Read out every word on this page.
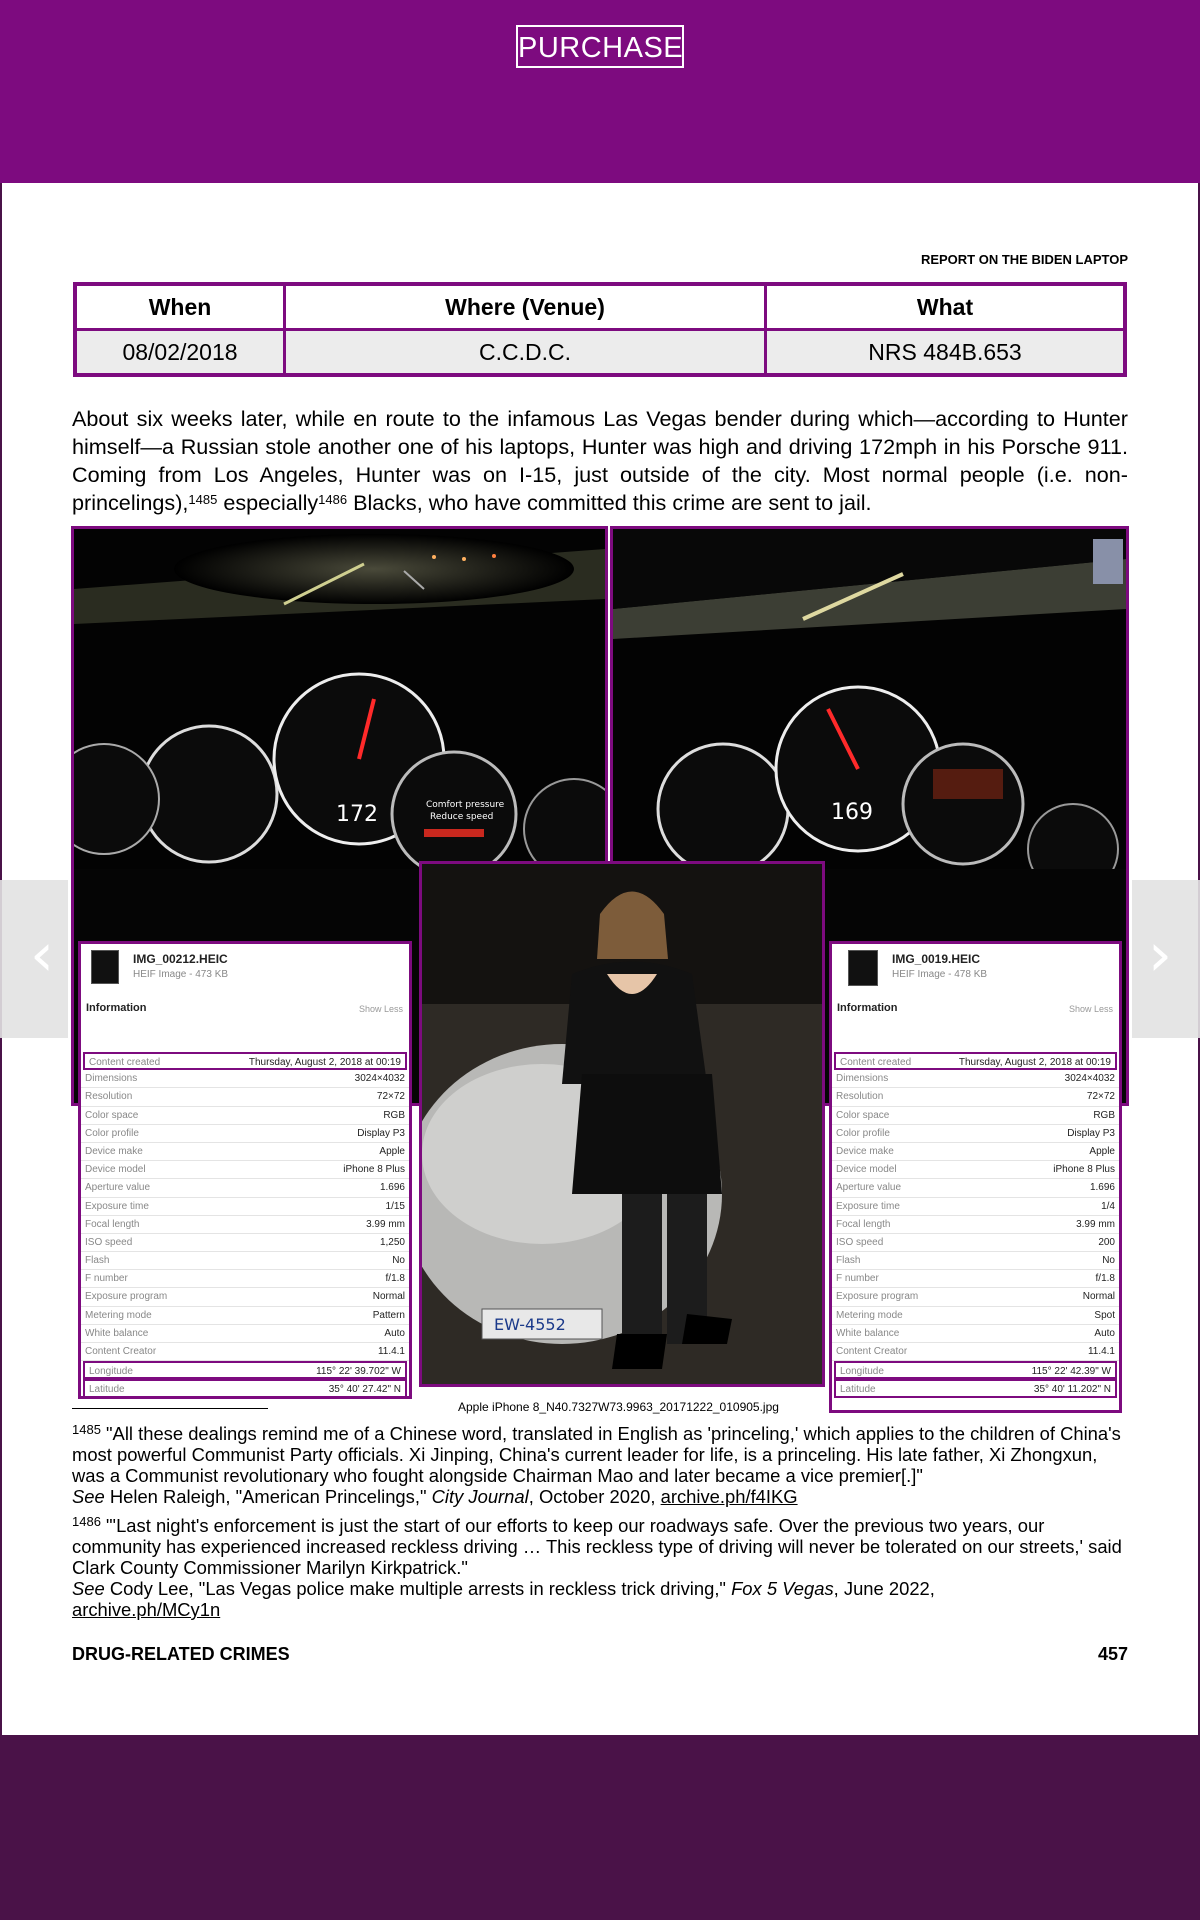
PURCHASE
REPORT ON THE BIDEN LAPTOP
When	Where (Venue)	What
08/02/2018	C.C.D.C.	NRS 484B.653
About six weeks later, while en route to the infamous Las Vegas bender during which—according to Hunter himself—a Russian stole another one of his laptops, Hunter was high and driving 172mph in his Porsche 911. Coming from Los Angeles, Hunter was on I-15, just outside of the city. Most normal people (i.e. non-princelings),$^{1485}$ especially$^{1486}$ Blacks, who have committed this crime are sent to jail.
172	Comfort pressure
Reduce speed	169
‹	›
EW-4552
IMG_00212.HEIC
HEIF Image - 473 KB
Information	Show Less
Content created	Thursday, August 2, 2018 at 00:19
Dimensions	3024×4032
Resolution	72×72
Color space	RGB
Color profile	Display P3
Device make	Apple
Device model	iPhone 8 Plus
Aperture value	1.696
Exposure time	1/15
Focal length	3.99 mm
ISO speed	1,250
Flash	No
F number	f/1.8
Exposure program	Normal
Metering mode	Pattern
White balance	Auto
Content Creator	11.4.1
Longitude	115° 22' 39.702" W
Latitude	35° 40' 27.42" N
IMG_0019.HEIC
HEIF Image - 478 KB
Information	Show Less
Content created	Thursday, August 2, 2018 at 00:19
Dimensions	3024×4032
Resolution	72×72
Color space	RGB
Color profile	Display P3
Device make	Apple
Device model	iPhone 8 Plus
Aperture value	1.696
Exposure time	1/4
Focal length	3.99 mm
ISO speed	200
Flash	No
F number	f/1.8
Exposure program	Normal
Metering mode	Spot
White balance	Auto
Content Creator	11.4.1
Longitude	115° 22' 42.39" W
Latitude	35° 40' 11.202" N
Apple iPhone 8_N40.7327W73.9963_20171222_010905.jpg
$^{1485}$ "All these dealings remind me of a Chinese word, translated in English as 'princeling,' which applies to the children of China's most powerful Communist Party officials. Xi Jinping, China's current leader for life, is a princeling. His late father, Xi Zhongxun, was a Communist revolutionary who fought alongside Chairman Mao and later became a vice premier[.]"
See Helen Raleigh, "American Princelings," City Journal, October 2020, archive.ph/f4IKG
$^{1486}$ "'Last night's enforcement is just the start of our efforts to keep our roadways safe. Over the previous two years, our community has experienced increased reckless driving … This reckless type of driving will never be tolerated on our streets,' said Clark County Commissioner Marilyn Kirkpatrick."
See Cody Lee, "Las Vegas police make multiple arrests in reckless trick driving," Fox 5 Vegas, June 2022,
archive.ph/MCy1n
DRUG-RELATED CRIMES	457
